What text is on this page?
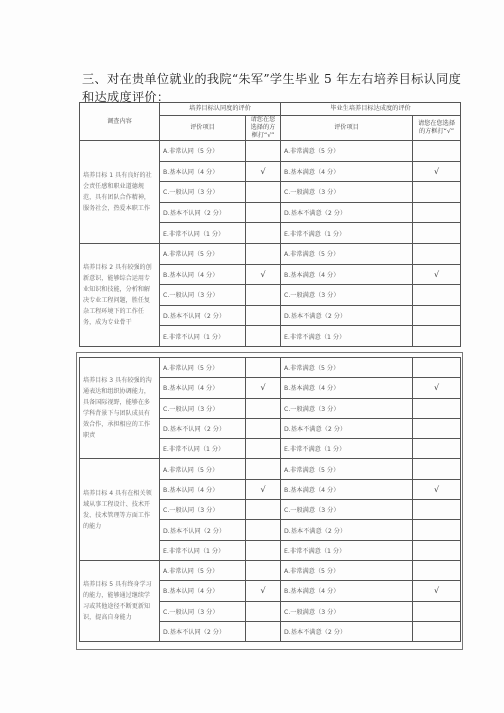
三、对在贵单位就业的我院“朱军”学生毕业 5 年左右培养目标认同度和达成度评价：
调查内容	培养目标认同度的评价		毕业生培养目标达成度的评价	
	评价项目	请您在您选择的方框打“√”	评价项目	请您在您选择的方框打“√”
培养目标 1 具有良好的社会责任感和职业道德规范，具有团队合作精神，服务社会，热爱本职工作	A.非常认同（5 分）		A.非常满意（5 分）	
	B.基本认同（4 分）	√	B.基本满意（4 分）	√
	C.一般认同（3 分）		C.一般满意（3 分）	
	D.基本不认同（2 分）		D.基本不满意（2 分）	
	E.非常不认同（1 分）		E.非常不满意（1 分）	
培养目标 2 具有较强的创新意识，能够综合运用专业知识和技能，分析和解决专业工程问题，胜任复杂工程环境下的工作任务，成为专业骨干	A.非常认同（5 分）		A.非常满意（5 分）	
	B.基本认同（4 分）	√	B.基本满意（4 分）	√
	C.一般认同（3 分）		C.一般满意（3 分）	
	D.基本不认同（2 分）		D.基本不满意（2 分）	
	E.非常不认同（1 分）		E.非常不满意（1 分）	
培养目标 3 具有较强的沟通表达和组织协调能力，具备国际视野，能够在多学科背景下与团队成员有效合作，承担相应的工作职责	A.非常认同（5 分）		A.非常满意（5 分）	
	B.基本认同（4 分）	√	B.基本满意（4 分）	√
	C.一般认同（3 分）		C.一般满意（3 分）	
	D.基本不认同（2 分）		D.基本不满意（2 分）	
	E.非常不认同（1 分）		E.非常不满意（1 分）	
培养目标 4 具有在相关领域从事工程设计、技术开发、技术管理等方面工作的能力	A.非常认同（5 分）		A.非常满意（5 分）	
	B.基本认同（4 分）	√	B.基本满意（4 分）	√
	C.一般认同（3 分）		C.一般满意（3 分）	
	D.基本不认同（2 分）		D.基本不满意（2 分）	
	E.非常不认同（1 分）		E.非常不满意（1 分）	
培养目标 5 具有终身学习的能力，能够通过继续学习或其他途径不断更新知识，提高自身能力	A.非常认同（5 分）		A.非常满意（5 分）	
	B.基本认同（4 分）	√	B.基本满意（4 分）	√
	C.一般认同（3 分）		C.一般满意（3 分）	
	D.基本不认同（2 分）		D.基本不满意（2 分）	
